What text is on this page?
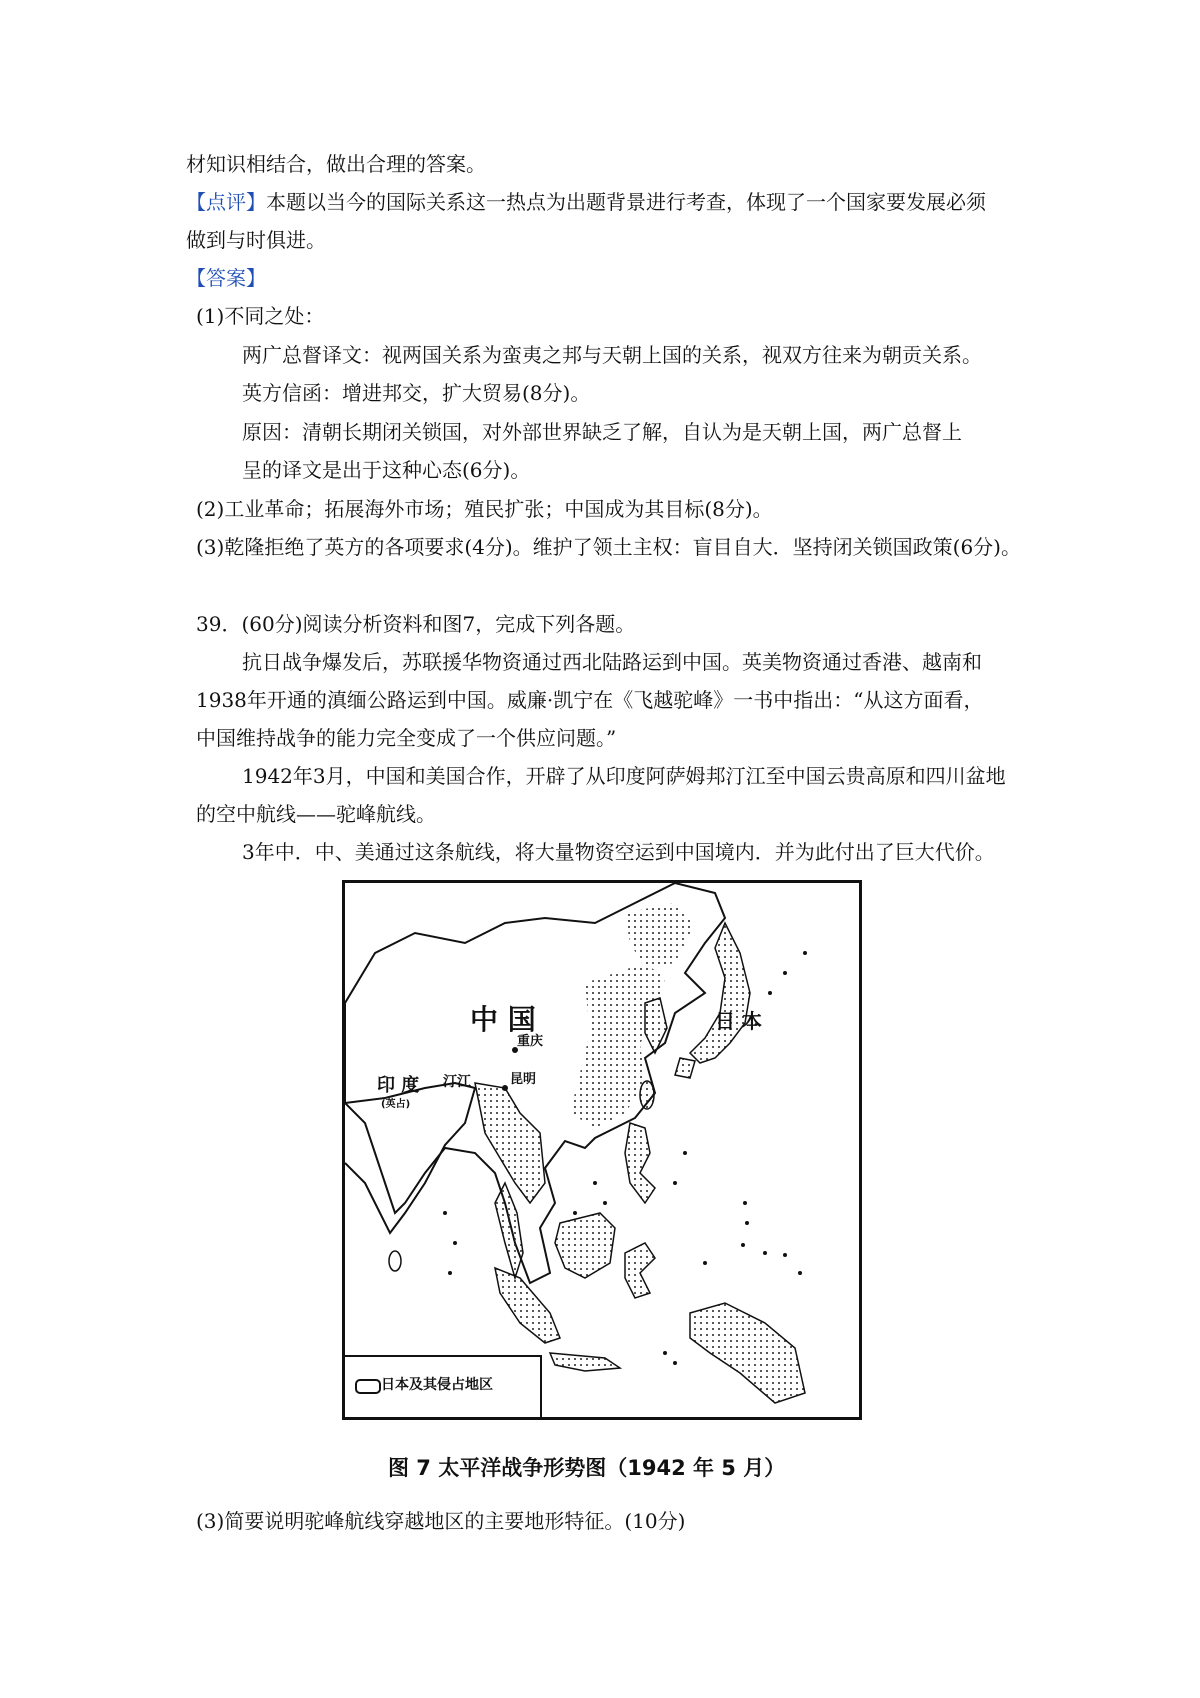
材知识相结合，做出合理的答案。
【点评】本题以当今的国际关系这一热点为出题背景进行考查，体现了一个国家要发展必须
做到与时俱进。
【答案】
(1)不同之处：
两广总督译文：视两国关系为蛮夷之邦与天朝上国的关系，视双方往来为朝贡关系。
英方信函：增进邦交，扩大贸易(8分)。
原因：清朝长期闭关锁国，对外部世界缺乏了解，自认为是天朝上国，两广总督上
呈的译文是出于这种心态(6分)。
(2)工业革命；拓展海外市场；殖民扩张；中国成为其目标(8分)。
(3)乾隆拒绝了英方的各项要求(4分)。维护了领土主权：盲目自大．坚持闭关锁国政策(6分)。
39．(60分)阅读分析资料和图7，完成下列各题。
抗日战争爆发后，苏联援华物资通过西北陆路运到中国。英美物资通过香港、越南和
1938年开通的滇缅公路运到中国。威廉·凯宁在《飞越驼峰》一书中指出：“从这方面看，
中国维持战争的能力完全变成了一个供应问题。”
1942年3月，中国和美国合作，开辟了从印度阿萨姆邦汀江至中国云贵高原和四川盆地
的空中航线——驼峰航线。
3年中．中、美通过这条航线，将大量物资空运到中国境内．并为此付出了巨大代价。
中 国	日 本
重庆
昆明
印 度
(英占)
汀江
日本及其侵占地区
图 7 太平洋战争形势图（1942 年 5 月）
(3)简要说明驼峰航线穿越地区的主要地形特征。(10分)
